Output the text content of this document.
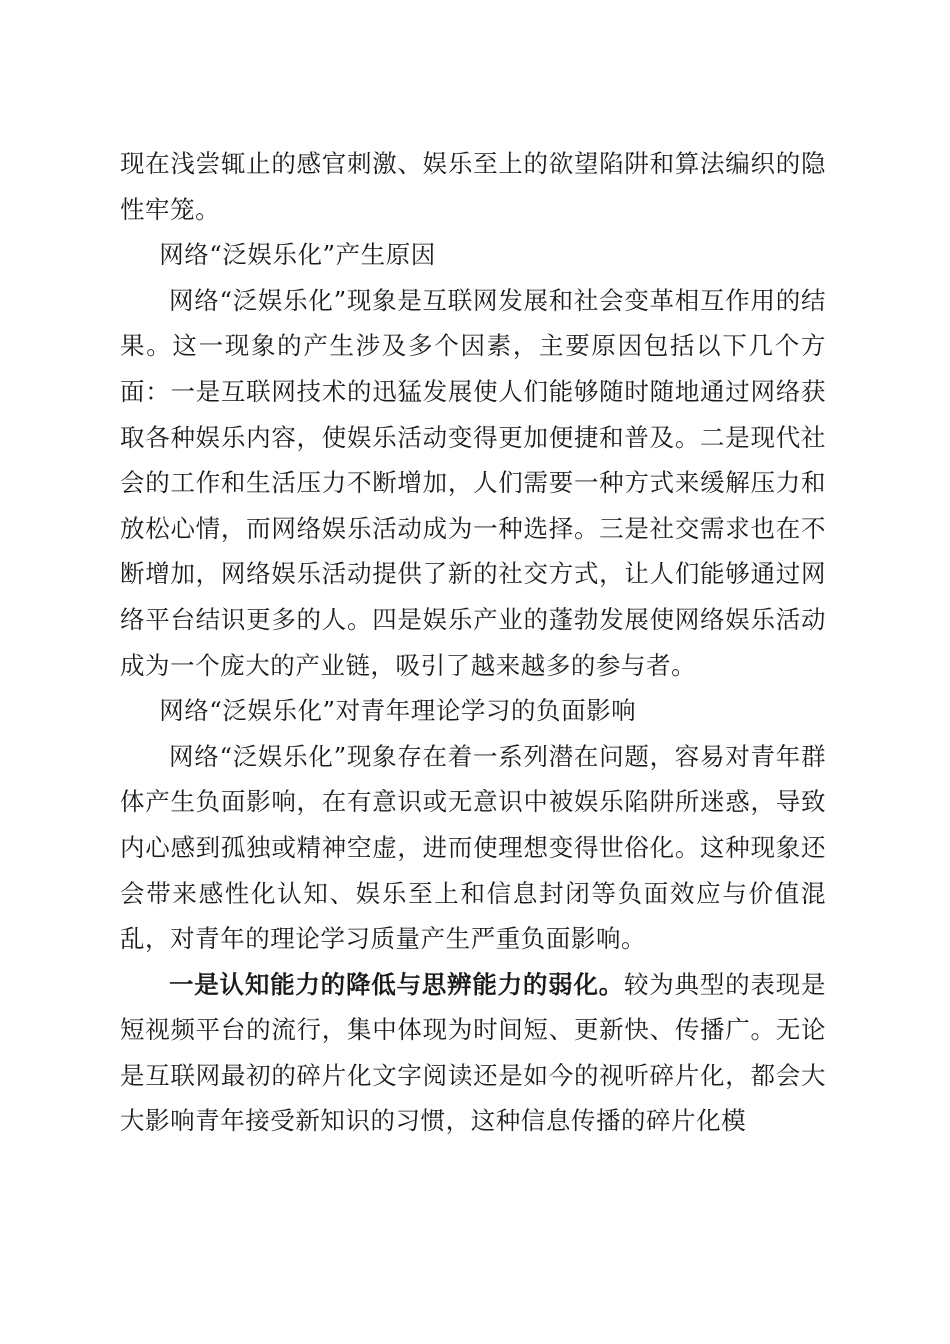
现在浅尝辄止的感官刺激、娱乐至上的欲望陷阱和算法编织的隐性牢笼。

网络“泛娱乐化”产生原因

网络“泛娱乐化”现象是互联网发展和社会变革相互作用的结果。这一现象的产生涉及多个因素，主要原因包括以下几个方面：一是互联网技术的迅猛发展使人们能够随时随地通过网络获取各种娱乐内容，使娱乐活动变得更加便捷和普及。二是现代社会的工作和生活压力不断增加，人们需要一种方式来缓解压力和放松心情，而网络娱乐活动成为一种选择。三是社交需求也在不断增加，网络娱乐活动提供了新的社交方式，让人们能够通过网络平台结识更多的人。四是娱乐产业的蓬勃发展使网络娱乐活动成为一个庞大的产业链，吸引了越来越多的参与者。

网络“泛娱乐化”对青年理论学习的负面影响

网络“泛娱乐化”现象存在着一系列潜在问题，容易对青年群体产生负面影响，在有意识或无意识中被娱乐陷阱所迷惑，导致内心感到孤独或精神空虚，进而使理想变得世俗化。这种现象还会带来感性化认知、娱乐至上和信息封闭等负面效应与价值混乱，对青年的理论学习质量产生严重负面影响。

一是认知能力的降低与思辨能力的弱化。较为典型的表现是短视频平台的流行，集中体现为时间短、更新快、传播广。无论是互联网最初的碎片化文字阅读还是如今的视听碎片化，都会大大影响青年接受新知识的习惯，这种信息传播的碎片化模
